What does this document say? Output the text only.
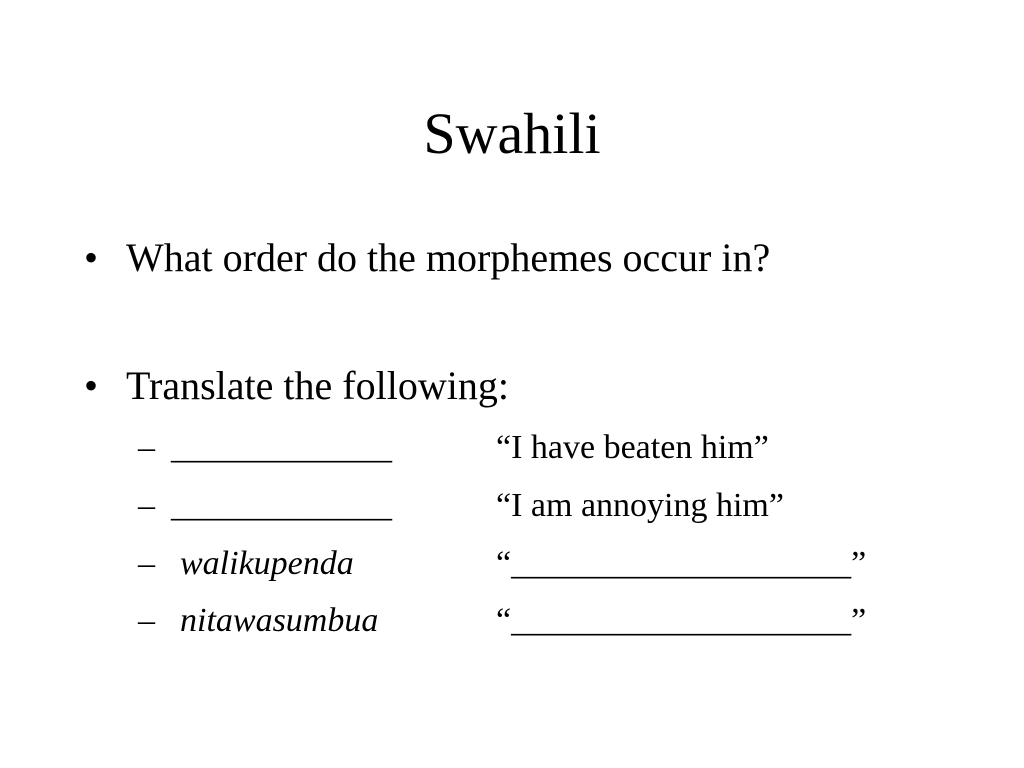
Swahili
• What order do the morphemes occur in?
• Translate the following:
– _____________	“I have beaten him”
– _____________	“I am annoying him”
– walikupenda	“____________________”
– nitawasumbua	“____________________”
